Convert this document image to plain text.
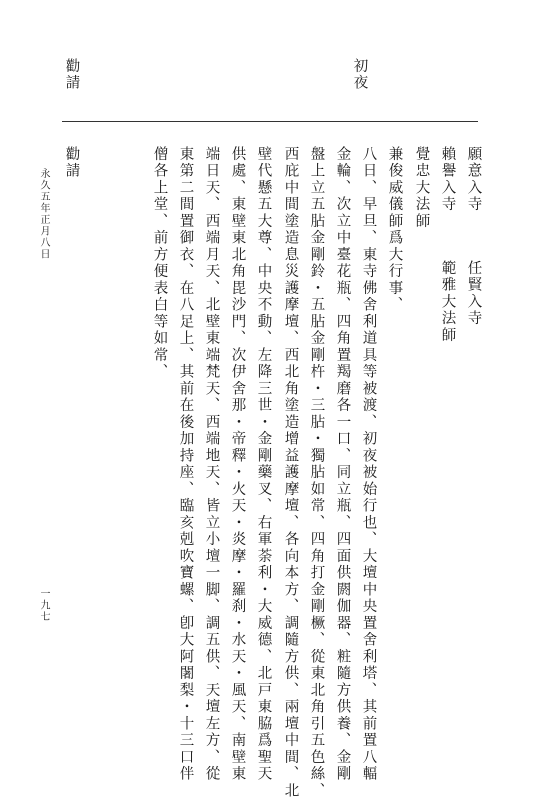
初夜
勸請
願意入寺
任賢入寺
賴譽入寺
範雅大法師
覺忠大法師
兼俊威儀師爲大行事、
八日、早旦、東寺佛舍利道具等被渡、初夜被始行也、大壇中央置舍利塔、其前置八輻
金輪、次立中臺花瓶、四角置羯磨各一口、同立瓶、四面供閼伽器、粧隨方供養、金剛
盤上立五胋金剛鈴・五胋金剛杵・三胋・獨胋如常、四角打金剛橛、從東北角引五色絲、
西庇中間塗造息災護摩壇、西北角塗造增益護摩壇、各向本方、調隨方供、兩壇中間、北
壁代懸五大尊、中央不動、左降三世・金剛藥叉、右軍荼利・大威德、北戸東脇爲聖天
供處、東壁東北角毘沙門、次伊舍那・帝釋・火天・炎摩・羅刹・水天・風天、南壁東
端日天、西端月天、北壁東端梵天、西端地天、皆立小壇一脚、調五供、天壇左方、從
東第二間置御衣、在八足上、其前在後加持座、臨亥剋吹寶螺、卽大阿闍梨・十三口伴
僧各上堂、前方便表白等如常、
勸請
永久五年正月八日
一九七
